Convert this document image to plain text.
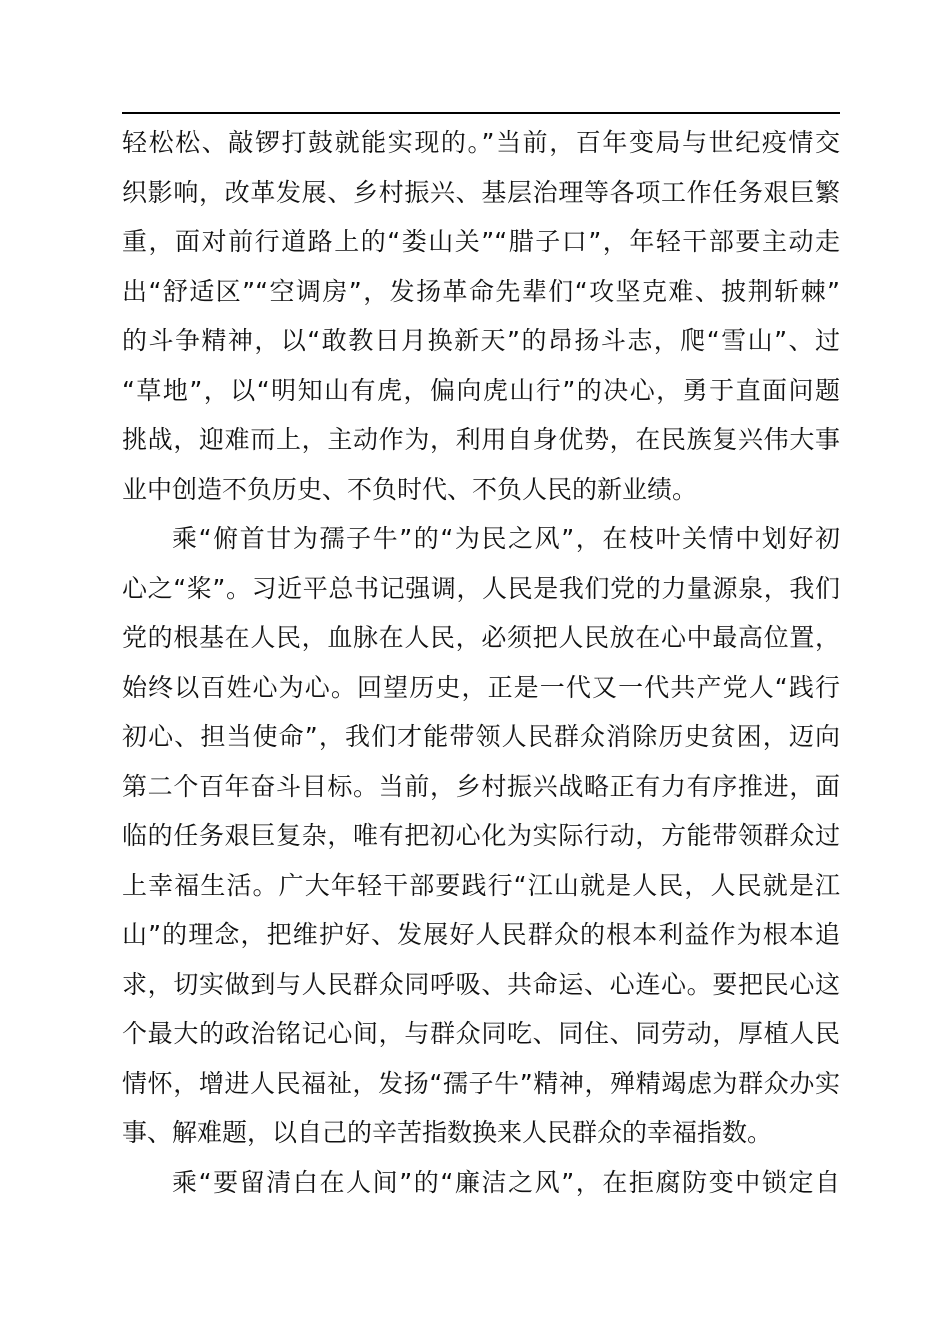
轻松松、敲锣打鼓就能实现的。”当前，百年变局与世纪疫情交
织影响，改革发展、乡村振兴、基层治理等各项工作任务艰巨繁
重，面对前行道路上的“娄山关”“腊子口”，年轻干部要主动走
出“舒适区”“空调房”，发扬革命先辈们“攻坚克难、披荆斩棘”
的斗争精神，以“敢教日月换新天”的昂扬斗志，爬“雪山”、过
“草地”，以“明知山有虎，偏向虎山行”的决心，勇于直面问题
挑战，迎难而上，主动作为，利用自身优势，在民族复兴伟大事
业中创造不负历史、不负时代、不负人民的新业绩。
乘“俯首甘为孺子牛”的“为民之风”，在枝叶关情中划好初
心之“桨”。习近平总书记强调，人民是我们党的力量源泉，我们
党的根基在人民，血脉在人民，必须把人民放在心中最高位置，
始终以百姓心为心。回望历史，正是一代又一代共产党人“践行
初心、担当使命”，我们才能带领人民群众消除历史贫困，迈向
第二个百年奋斗目标。当前，乡村振兴战略正有力有序推进，面
临的任务艰巨复杂，唯有把初心化为实际行动，方能带领群众过
上幸福生活。广大年轻干部要践行“江山就是人民，人民就是江
山”的理念，把维护好、发展好人民群众的根本利益作为根本追
求，切实做到与人民群众同呼吸、共命运、心连心。要把民心这
个最大的政治铭记心间，与群众同吃、同住、同劳动，厚植人民
情怀，增进人民福祉，发扬“孺子牛”精神，殚精竭虑为群众办实
事、解难题，以自己的辛苦指数换来人民群众的幸福指数。
乘“要留清白在人间”的“廉洁之风”，在拒腐防变中锁定自
